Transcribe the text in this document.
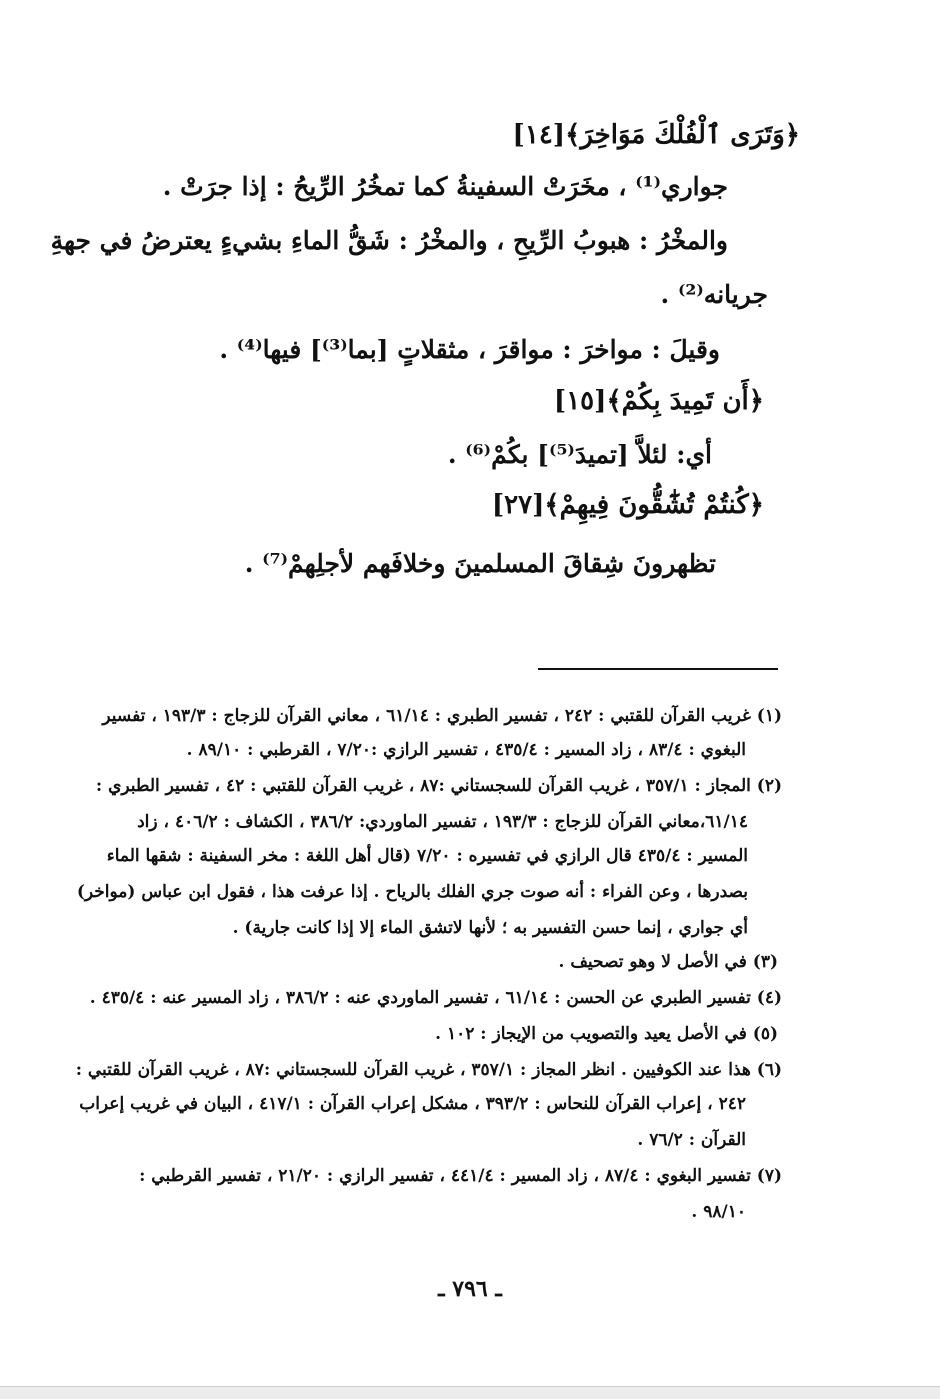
﴿وَتَرَى ٱلْفُلْكَ مَوَاخِرَ﴾[١٤]
جواري⁽¹⁾ ، مخَرَتْ السفينةُ كما تمخُرُ الرِّيحُ : إذا جرَتْ .
والمخْرُ : هبوبُ الرِّيحِ ، والمخْرُ : شَقُّ الماءِ بشيءٍ يعترضُ في جهةِ
جريانه⁽²⁾ .
وقيلَ : مواخرَ : مواقرَ ، مثقلاتٍ [بما⁽³⁾] فيها⁽⁴⁾ .
﴿أَن تَمِيدَ بِكُمْ﴾[١٥]
أي: لئلاَّ [تميدَ⁽⁵⁾] بكُمْ⁽⁶⁾ .
﴿كُنتُمْ تُشَٰٓقُّونَ فِيهِمْ﴾[٢٧]
تظهرونَ شِقاقَ المسلمينَ وخلافَهم لأجلِهمْ⁽⁷⁾ .
(١) غريب القرآن للقتبي : ٢٤٢ ، تفسير الطبري : ٦١/١٤ ، معاني القرآن للزجاج : ١٩٣/٣ ، تفسير
البغوي : ٨٣/٤ ، زاد المسير : ٤٣٥/٤ ، تفسير الرازي :٧/٢٠ ، القرطبي : ٨٩/١٠ .
(٢) المجاز : ٣٥٧/١ ، غريب القرآن للسجستاني :٨٧ ، غريب القرآن للقتبي : ٤٢ ، تفسير الطبري :
٦١/١٤،معاني القرآن للزجاج : ١٩٣/٣ ، تفسير الماوردي: ٣٨٦/٢ ، الكشاف : ٤٠٦/٢ ، زاد
المسير : ٤٣٥/٤ قال الرازي في تفسيره : ٧/٢٠ (قال أهل اللغة : مخر السفينة : شقها الماء
بصدرها ، وعن الفراء : أنه صوت جري الفلك بالرياح . إذا عرفت هذا ، فقول ابن عباس (مواخر)
أي جواري ، إنما حسن التفسير به ؛ لأنها لاتشق الماء إلا إذا كانت جارية) .
(٣) في الأصل لا وهو تصحيف .
(٤) تفسير الطبري عن الحسن : ٦١/١٤ ، تفسير الماوردي عنه : ٣٨٦/٢ ، زاد المسير عنه : ٤٣٥/٤ .
(٥) في الأصل يعيد والتصويب من الإيجاز : ١٠٢ .
(٦) هذا عند الكوفيين . انظر المجاز : ٣٥٧/١ ، غريب القرآن للسجستاني :٨٧ ، غريب القرآن للقتبي :
٢٤٢ ، إعراب القرآن للنحاس : ٣٩٣/٢ ، مشكل إعراب القرآن : ٤١٧/١ ، البيان في غريب إعراب
القرآن : ٧٦/٢ .
(٧) تفسير البغوي : ٨٧/٤ ، زاد المسير : ٤٤١/٤ ، تفسير الرازي : ٢١/٢٠ ، تفسير القرطبي :
٩٨/١٠ .
ـ ٧٩٦ ـ
